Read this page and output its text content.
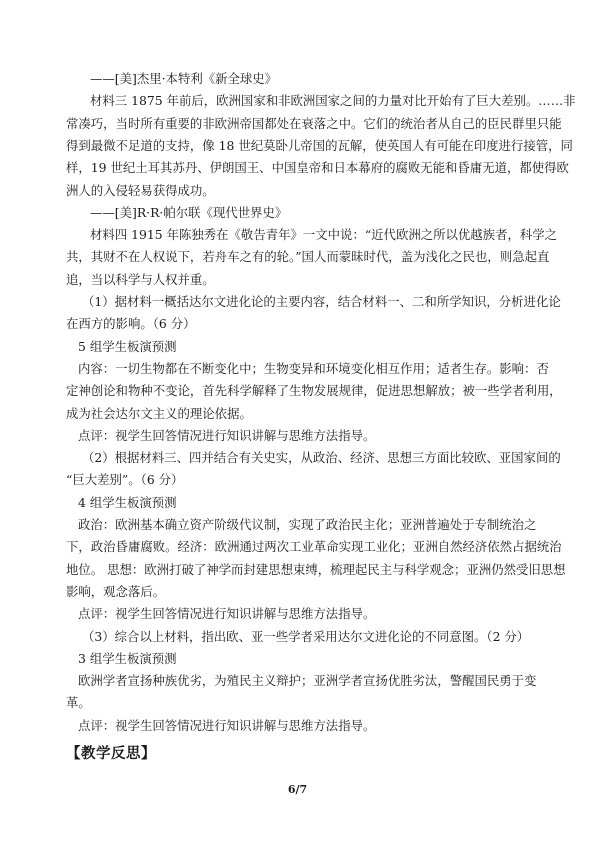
——[美]杰里·本特利《新全球史》
材料三 1875 年前后，欧洲国家和非欧洲国家之间的力量对比开始有了巨大差别。……非
常凑巧，当时所有重要的非欧洲帝国都处在衰落之中。它们的统治者从自己的臣民群里只能
得到最微不足道的支持，像 18 世纪莫卧儿帝国的瓦解，使英国人有可能在印度进行接管，同
样，19 世纪土耳其苏丹、伊朗国王、中国皇帝和日本幕府的腐败无能和昏庸无道，都使得欧
洲人的入侵轻易获得成功。
——[美]R·R·帕尔联《现代世界史》
材料四 1915 年陈独秀在《敬告青年》一文中说：“近代欧洲之所以优越族者，科学之
共，其财不在人权说下，若舟车之有的轮。”国人而蒙昧时代，盖为浅化之民也，则急起直
追，当以科学与人权并重。
（1）据材料一概括达尔文进化论的主要内容，结合材料一、二和所学知识，分析进化论
在西方的影响。（6 分）
5 组学生板演预测
内容：一切生物都在不断变化中；生物变异和环境变化相互作用；适者生存。影响：否
定神创论和物种不变论，首先科学解释了生物发展规律，促进思想解放；被一些学者利用，
成为社会达尔文主义的理论依据。
点评：视学生回答情况进行知识讲解与思维方法指导。
（2）根据材料三、四并结合有关史实，从政治、经济、思想三方面比较欧、亚国家间的
“巨大差别”。（6 分）
4 组学生板演预测
政治：欧洲基本确立资产阶级代议制，实现了政治民主化；亚洲普遍处于专制统治之
下，政治昏庸腐败。经济：欧洲通过两次工业革命实现工业化；亚洲自然经济依然占据统治
地位。 思想：欧洲打破了神学而封建思想束缚，梳理起民主与科学观念；亚洲仍然受旧思想
影响，观念落后。
点评：视学生回答情况进行知识讲解与思维方法指导。
（3）综合以上材料，指出欧、亚一些学者采用达尔文进化论的不同意图。（2 分）
3 组学生板演预测
欧洲学者宣扬种族优劣，为殖民主义辩护；亚洲学者宣扬优胜劣汰，警醒国民勇于变
革。
点评：视学生回答情况进行知识讲解与思维方法指导。
【教学反思】
6/7
